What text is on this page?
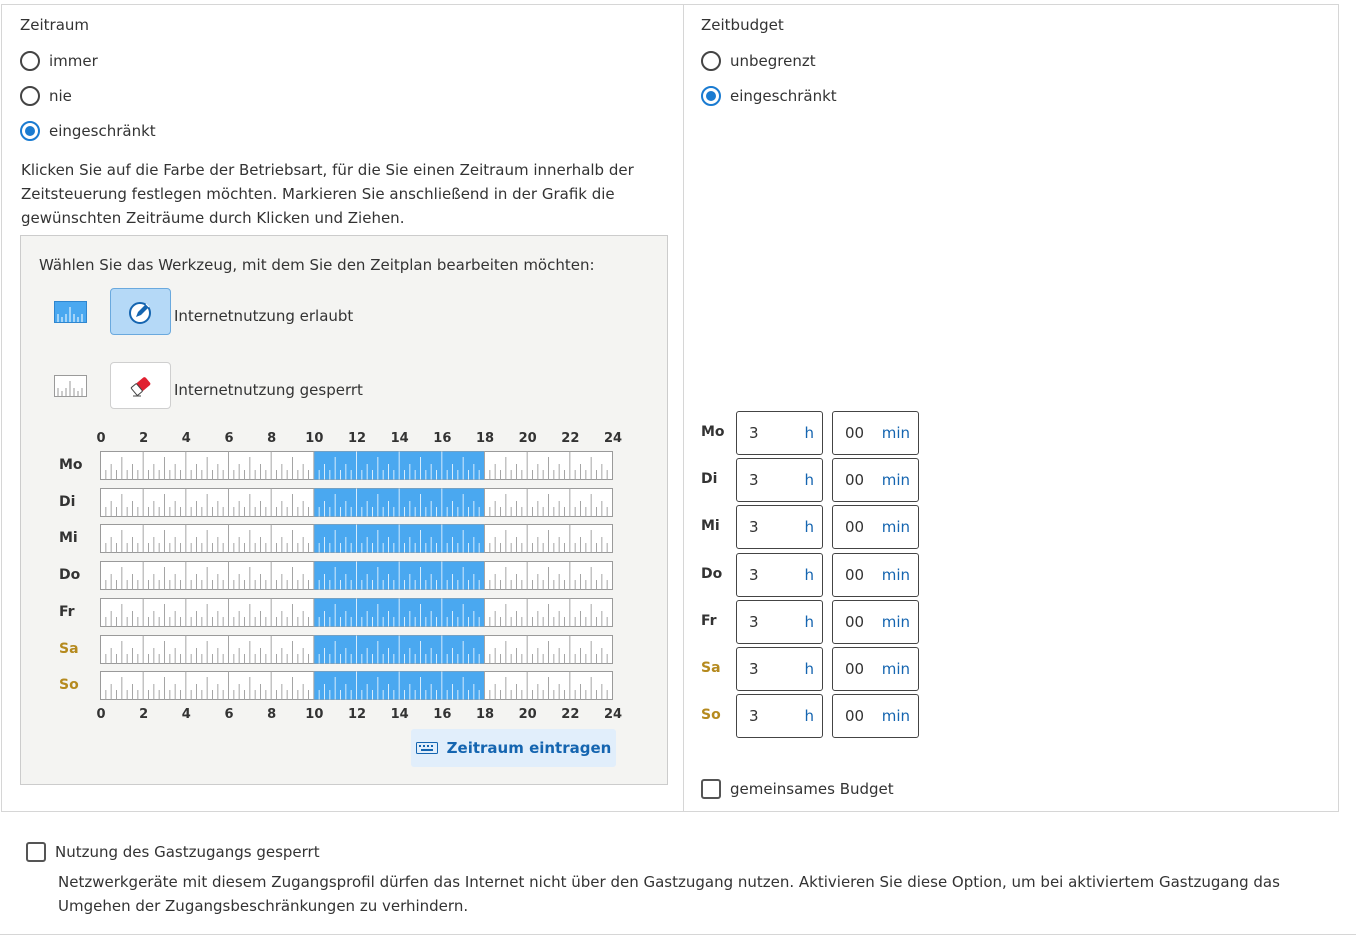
Zeitraum
immer
nie
eingeschränkt
Klicken Sie auf die Farbe der Betriebsart, für die Sie einen Zeitraum innerhalb der Zeitsteuerung festlegen möchten. Markieren Sie anschließend in der Grafik die gewünschten Zeiträume durch Klicken und Ziehen.
Wählen Sie das Werkzeug, mit dem Sie den Zeitplan bearbeiten möchten:
Internetnutzung erlaubt
Internetnutzung gesperrt
0	2	4	6	8	10	12	14	16	18	20	22	24
Mo
Di
Mi
Do
Fr
Sa
So
0	2	4	6	8	10	12	14	16	18	20	22	24
Zeitraum eintragen
Zeitbudget
unbegrenzt
eingeschränkt
Mo 3	h 00 min
Di 3	h 00 min
Mi 3	h 00 min
Do 3	h 00 min
Fr 3	h 00 min
Sa 3	h 00 min
So 3	h 00 min
gemeinsames Budget
Nutzung des Gastzugangs gesperrt
Netzwerkgeräte mit diesem Zugangsprofil dürfen das Internet nicht über den Gastzugang nutzen. Aktivieren Sie diese Option, um bei aktiviertem Gastzugang das Umgehen der Zugangsbeschränkungen zu verhindern.
